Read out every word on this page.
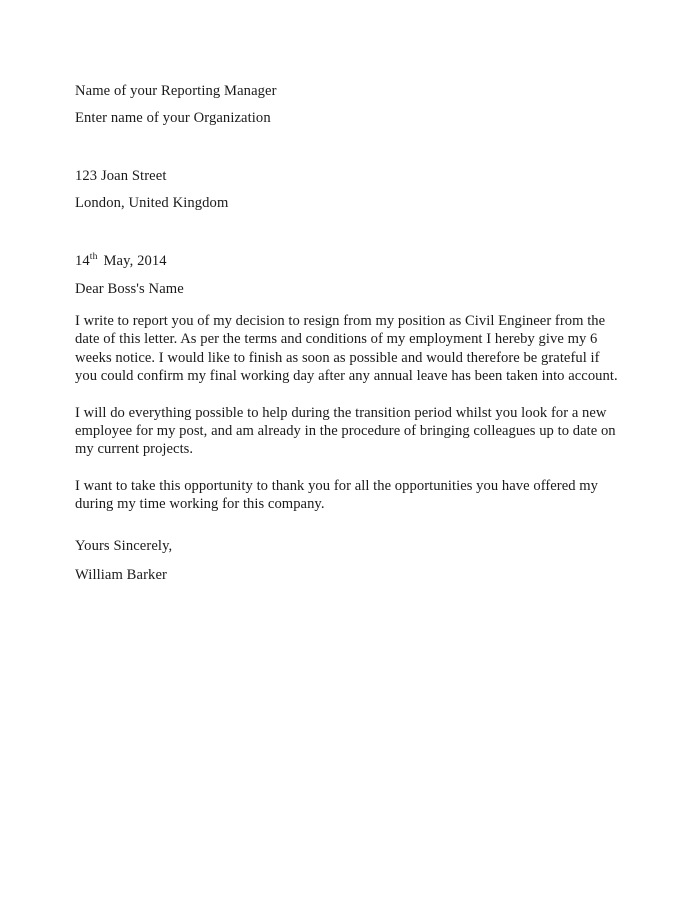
Name of your Reporting Manager
Enter name of your Organization
123 Joan Street
London, United Kingdom
14th May, 2014
Dear Boss's Name

I write to report you of my decision to resign from my position as Civil Engineer from the date of this letter. As per the terms and conditions of my employment I hereby give my 6 weeks notice. I would like to finish as soon as possible and would therefore be grateful if you could confirm my final working day after any annual leave has been taken into account.

I will do everything possible to help during the transition period whilst you look for a new employee for my post, and am already in the procedure of bringing colleagues up to date on my current projects.

I want to take this opportunity to thank you for all the opportunities you have offered my during my time working for this company.

Yours Sincerely,
William Barker
